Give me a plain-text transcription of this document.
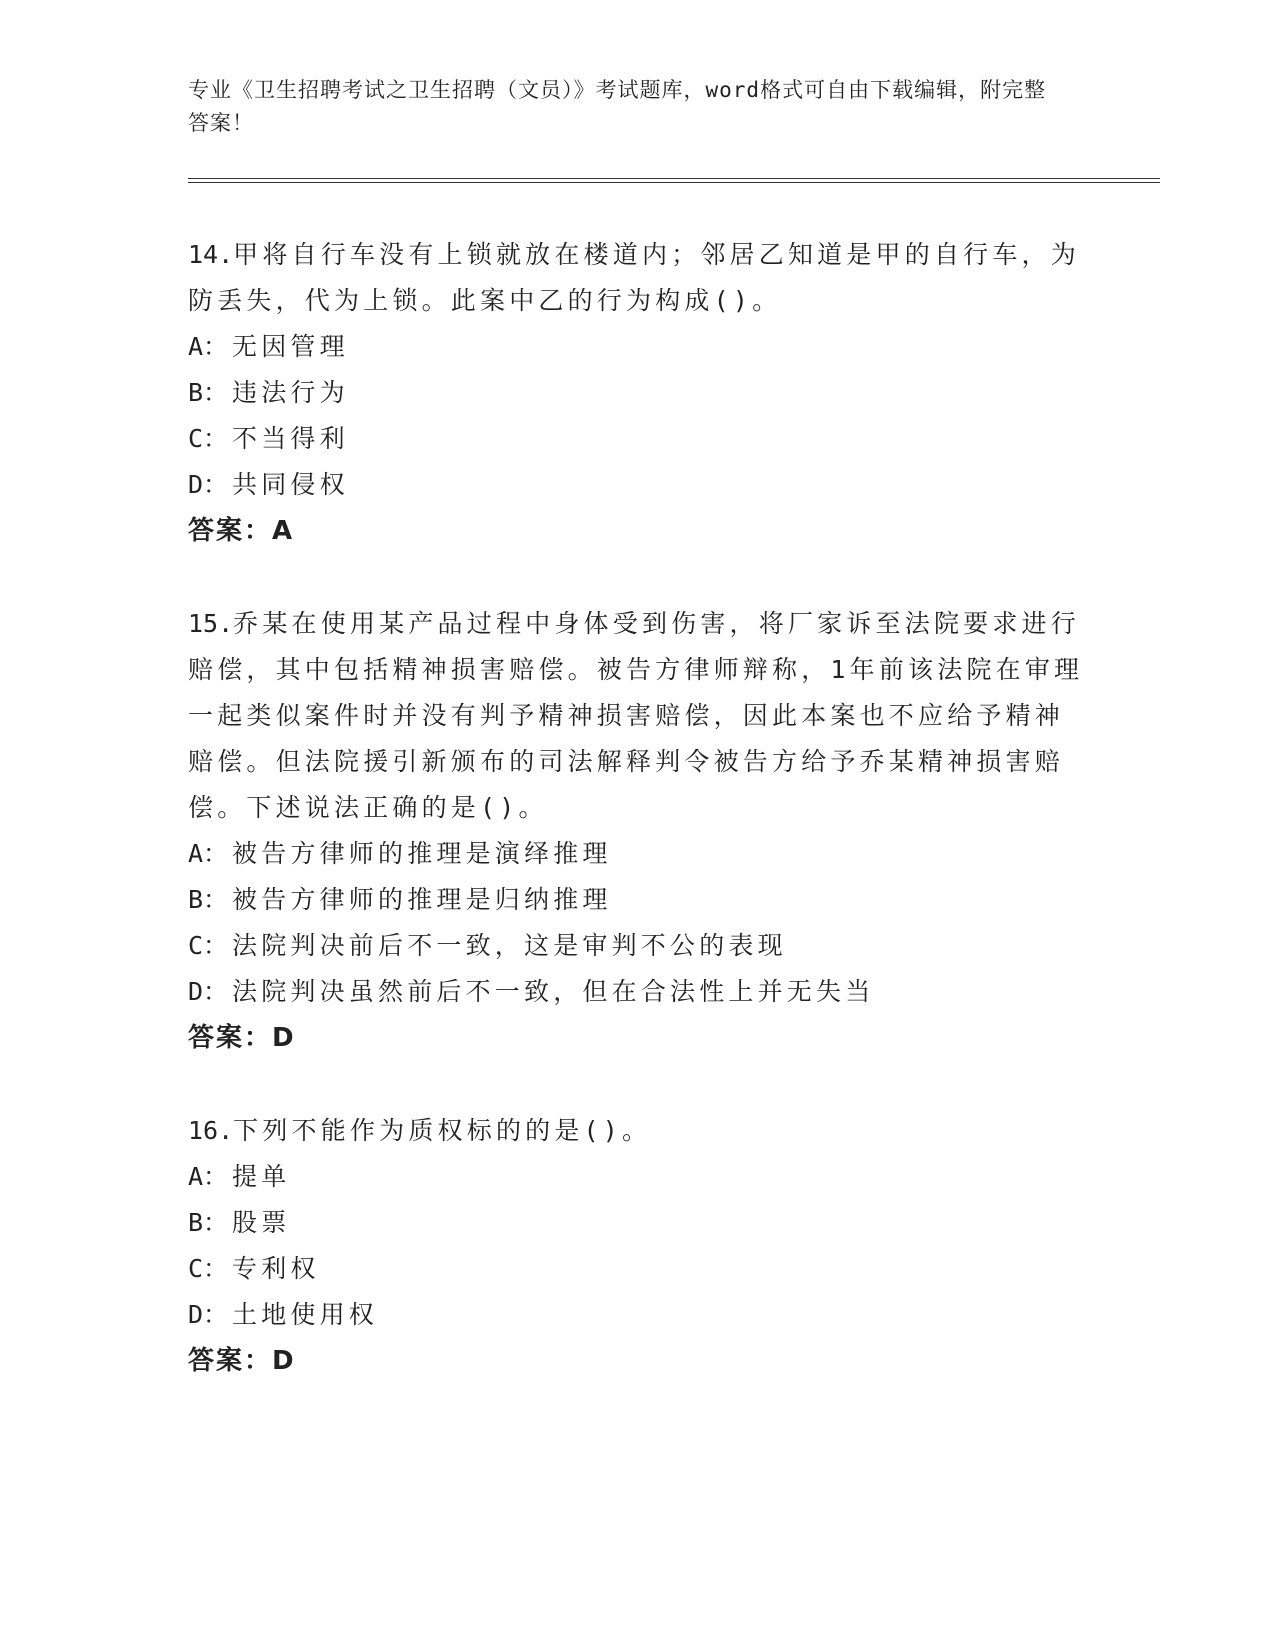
专业《卫生招聘考试之卫生招聘（文员）》考试题库，word格式可自由下载编辑，附完整答案！

14.甲将自行车没有上锁就放在楼道内；邻居乙知道是甲的自行车，为防丢失，代为上锁。此案中乙的行为构成()。

A： 无因管理

B： 违法行为

C： 不当得利

D： 共同侵权

答案：A

15.乔某在使用某产品过程中身体受到伤害，将厂家诉至法院要求进行赔偿，其中包括精神损害赔偿。被告方律师辩称，1年前该法院在审理一起类似案件时并没有判予精神损害赔偿，因此本案也不应给予精神赔偿。但法院援引新颁布的司法解释判令被告方给予乔某精神损害赔偿。下述说法正确的是()。

A： 被告方律师的推理是演绎推理

B： 被告方律师的推理是归纳推理

C： 法院判决前后不一致，这是审判不公的表现

D： 法院判决虽然前后不一致，但在合法性上并无失当

答案：D

16.下列不能作为质权标的的是()。

A： 提单

B： 股票

C： 专利权

D： 土地使用权

答案：D
